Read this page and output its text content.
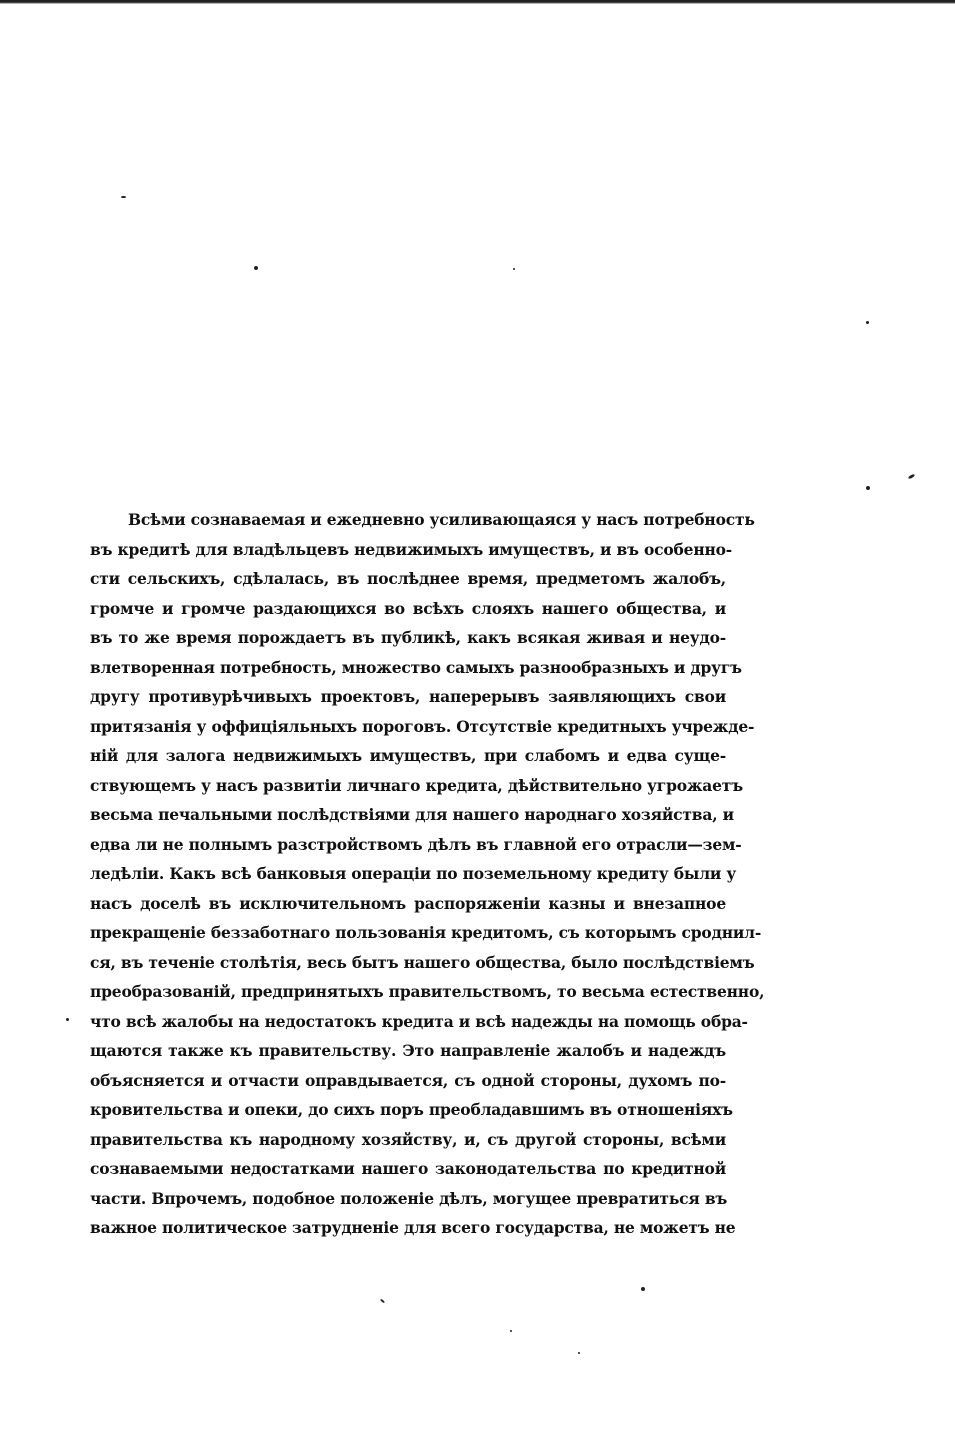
Всѣми сознаваемая и ежедневно усиливающаяся у насъ потребность
въ кредитѣ для владѣльцевъ недвижимыхъ имуществъ, и въ особенно-
сти сельскихъ, сдѣлалась, въ послѣднее время, предметомъ жалобъ,
громче и громче раздающихся во всѣхъ слояхъ нашего общества, и
въ то же время порождаетъ въ публикѣ, какъ всякая живая и неудо-
влетворенная потребность, множество самыхъ разнообразныхъ и другъ
другу противурѣчивыхъ проектовъ, наперерывъ заявляющихъ свои
притязанія у оффиціяльныхъ пороговъ. Отсутствіе кредитныхъ учрежде-
ній для залога недвижимыхъ имуществъ, при слабомъ и едва суще-
ствующемъ у насъ развитіи личнаго кредита, дѣйствительно угрожаетъ
весьма печальными послѣдствіями для нашего народнаго хозяйства, и
едва ли не полнымъ разстройствомъ дѣлъ въ главной его отрасли—зем-
ледѣліи. Какъ всѣ банковыя операціи по поземельному кредиту были у
насъ доселѣ въ исключительномъ распоряженіи казны и внезапное
прекращеніе беззаботнаго пользованія кредитомъ, съ которымъ сроднил-
ся, въ теченіе столѣтія, весь бытъ нашего общества, было послѣдствіемъ
преобразованій, предпринятыхъ правительствомъ, то весьма естественно,
что всѣ жалобы на недостатокъ кредита и всѣ надежды на помощь обра-
щаются также къ правительству. Это направленіе жалобъ и надеждъ
объясняется и отчасти оправдывается, съ одной стороны, духомъ по-
кровительства и опеки, до сихъ поръ преобладавшимъ въ отношеніяхъ
правительства къ народному хозяйству, и, съ другой стороны, всѣми
сознаваемыми недостатками нашего законодательства по кредитной
части. Впрочемъ, подобное положеніе дѣлъ, могущее превратиться въ
важное политическое затрудненіе для всего государства, не можетъ не
